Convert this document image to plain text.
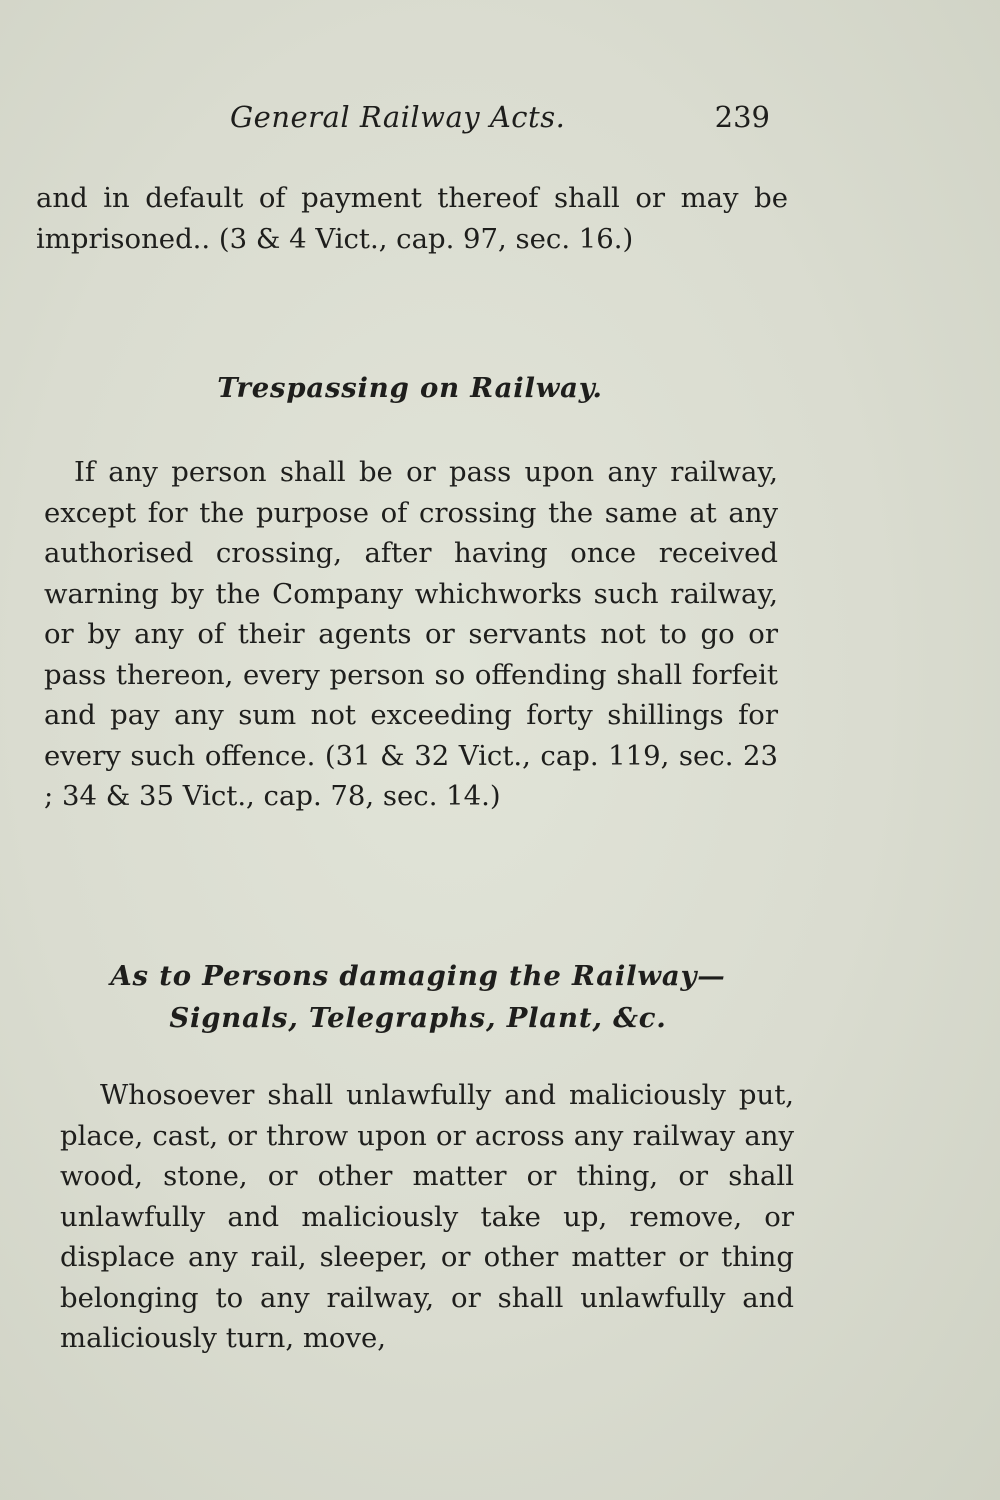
General Railway Acts.	239

and in default of payment thereof shall or may be imprisoned.. (3 & 4 Vict., cap. 97, sec. 16.)

Trespassing on Railway.

If any person shall be or pass upon any railway, except for the purpose of crossing the same at any authorised crossing, after having once received warning by the Company whichworks such railway, or by any of their agents or servants not to go or pass thereon, every person so offending shall forfeit and pay any sum not exceeding forty shillings for every such offence. (31 & 32 Vict., cap. 119, sec. 23 ; 34 & 35 Vict., cap. 78, sec. 14.)

As to Persons damaging the Railway—Signals, Telegraphs, Plant, &c.

Whosoever shall unlawfully and maliciously put, place, cast, or throw upon or across any railway any wood, stone, or other matter or thing, or shall unlawfully and maliciously take up, remove, or displace any rail, sleeper, or other matter or thing belonging to any railway, or shall unlawfully and maliciously turn, move,
